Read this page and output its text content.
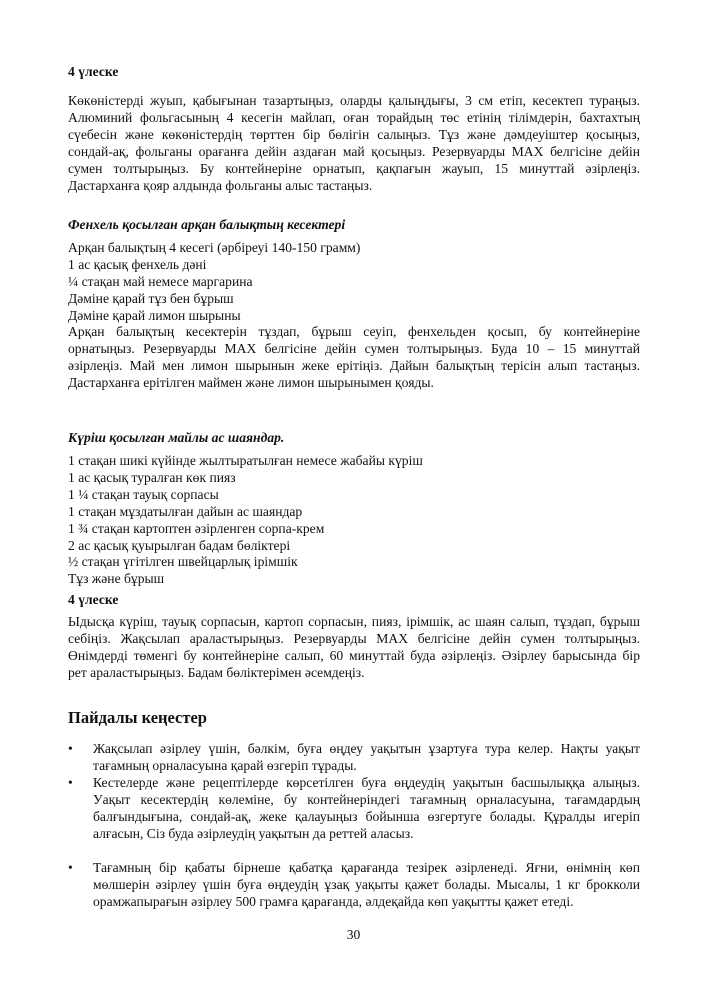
4 үлеске
Көкөністерді жуып, қабығынан тазартыңыз, оларды қалыңдығы, 3 см етіп, кесектеп тураңыз.
Алюминий фольгасының 4 кесегін майлап, оған торайдың төс етінің тілімдерін, бахтахтың
сүебесін және көкөністердің төрттен бір бөлігін салыңыз. Тұз және дәмдеуіштер қосыңыз,
сондай-ақ, фольганы орағанға дейін аздаған май қосыңыз. Резервуарды MAX белгісіне дейін
сумен толтырыңыз. Бу контейнеріне орнатып, қақпағын жауып, 15 минуттай әзірлеңіз.
Дастарханға қояр алдында фольганы алыс тастаңыз.
Фенхель қосылған арқан балықтың кесектері
Арқан балықтың 4 кесегі (әрбіреуі 140-150 грамм)
1 ас қасық фенхель дәні
¼ стақан май немесе маргарина
Дәміне қарай тұз бен бұрыш
Дәміне қарай лимон шырыны
Арқан балықтың кесектерін тұздап, бұрыш сеуіп, фенхельден қосып, бу контейнеріне
орнатыңыз. Резервуарды MAX белгісіне дейін сумен толтырыңыз. Буда 10 – 15 минуттай
әзірлеңіз. Май мен лимон шырынын жеке ерітіңіз. Дайын балықтың терісін алып тастаңыз.
Дастарханға ерітілген маймен және лимон шырынымен қояды.
Күріш қосылған майлы ас шаяндар.
1 стақан шикі күйінде жылтыратылған немесе жабайы күріш
1 ас қасық туралған көк пияз
1 ¼ стақан тауық сорпасы
1 стақан мұздатылған дайын ас шаяндар
1 ¾ стақан картоптен әзірленген сорпа-крем
2 ас қасық қуырылған бадам бөліктері
½ стақан үгітілген швейцарлық ірімшік
Тұз және бұрыш
4 үлеске
Ыдысқа күріш, тауық сорпасын, картоп сорпасын, пияз, ірімшік, ас шаян салып, тұздап, бұрыш
себіңіз. Жақсылап араластырыңыз. Резервуарды MAX белгісіне дейін сумен толтырыңыз.
Өнімдерді төменгі бу контейнеріне салып, 60 минуттай буда әзірлеңіз. Әзірлеу барысында бір
рет араластырыңыз. Бадам бөліктерімен әсемдеңіз.
Пайдалы кеңестер
•	Жақсылап әзірлеу үшін, бәлкім, буға өңдеу уақытын ұзартуға тура келер. Нақты уақыт
тағамның орналасуына қарай өзгеріп тұрады.
•	Кестелерде және рецептілерде көрсетілген буға өңдеудің уақытын басшылыққа алыңыз.
Уақыт кесектердің көлеміне, бу контейнеріндегі тағамның орналасуына, тағамдардың
балғындығына, сондай-ақ, жеке қалауыңыз бойынша өзгертуге болады. Құралды игеріп
алғасын, Сіз буда әзірлеудің уақытын да реттей аласыз.
•	Тағамның бір қабаты бірнеше қабатқа қарағанда тезірек әзірленеді. Яғни, өнімнің көп
мөлшерін әзірлеу үшін буға өңдеудің ұзақ уақыты қажет болады. Мысалы, 1 кг брокколи
орамжапырағын әзірлеу 500 грамға қарағанда, әлдеқайда көп уақытты қажет етеді.
30
